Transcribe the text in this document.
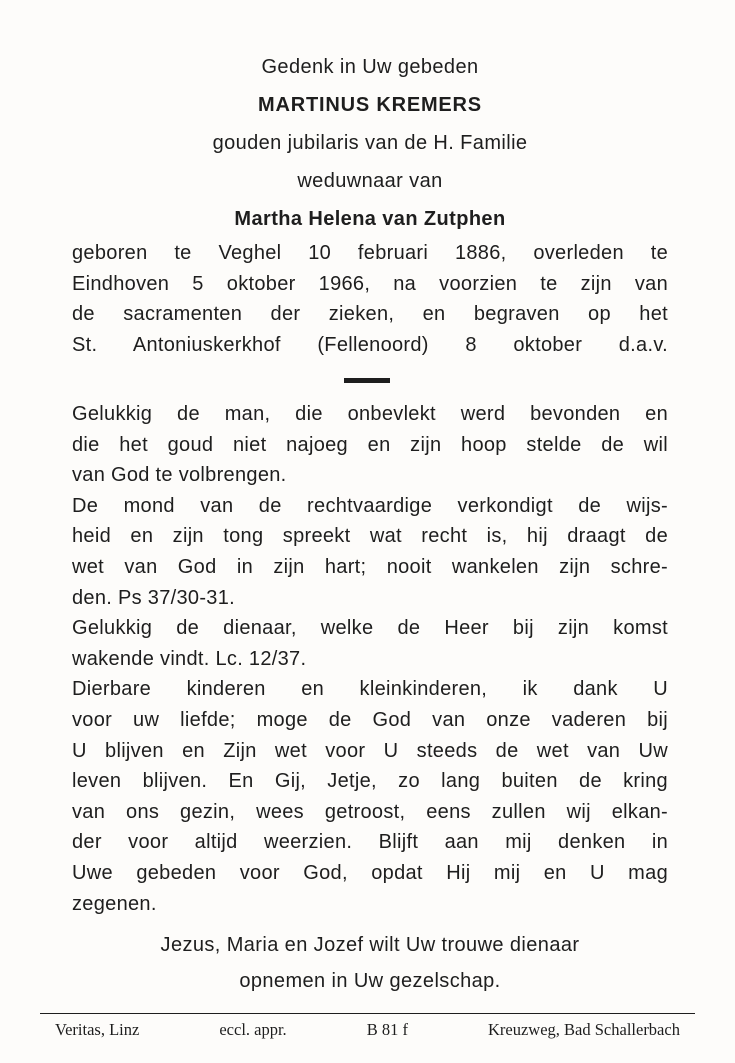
Gedenk in Uw gebeden
MARTINUS KREMERS
gouden jubilaris van de H. Familie
weduwnaar van
Martha Helena van Zutphen
geboren te Veghel 10 februari 1886, overleden te
Eindhoven 5 oktober 1966, na voorzien te zijn van
de sacramenten der zieken, en begraven op het
St. Antoniuskerkhof (Fellenoord) 8 oktober d.a.v.
Gelukkig de man, die onbevlekt werd bevonden en
die het goud niet najoeg en zijn hoop stelde de wil
van God te volbrengen.
De mond van de rechtvaardige verkondigt de wijs-
heid en zijn tong spreekt wat recht is, hij draagt de
wet van God in zijn hart; nooit wankelen zijn schre-
den. Ps 37/30-31.
Gelukkig de dienaar, welke de Heer bij zijn komst
wakende vindt. Lc. 12/37.
Dierbare kinderen en kleinkinderen, ik dank U
voor uw liefde; moge de God van onze vaderen bij
U blijven en Zijn wet voor U steeds de wet van Uw
leven blijven. En Gij, Jetje, zo lang buiten de kring
van ons gezin, wees getroost, eens zullen wij elkan-
der voor altijd weerzien. Blijft aan mij denken in
Uwe gebeden voor God, opdat Hij mij en U mag
zegenen.
Jezus, Maria en Jozef wilt Uw trouwe dienaar
opnemen in Uw gezelschap.
Veritas, Linz	eccl. appr.	B 81 f	Kreuzweg, Bad Schallerbach
